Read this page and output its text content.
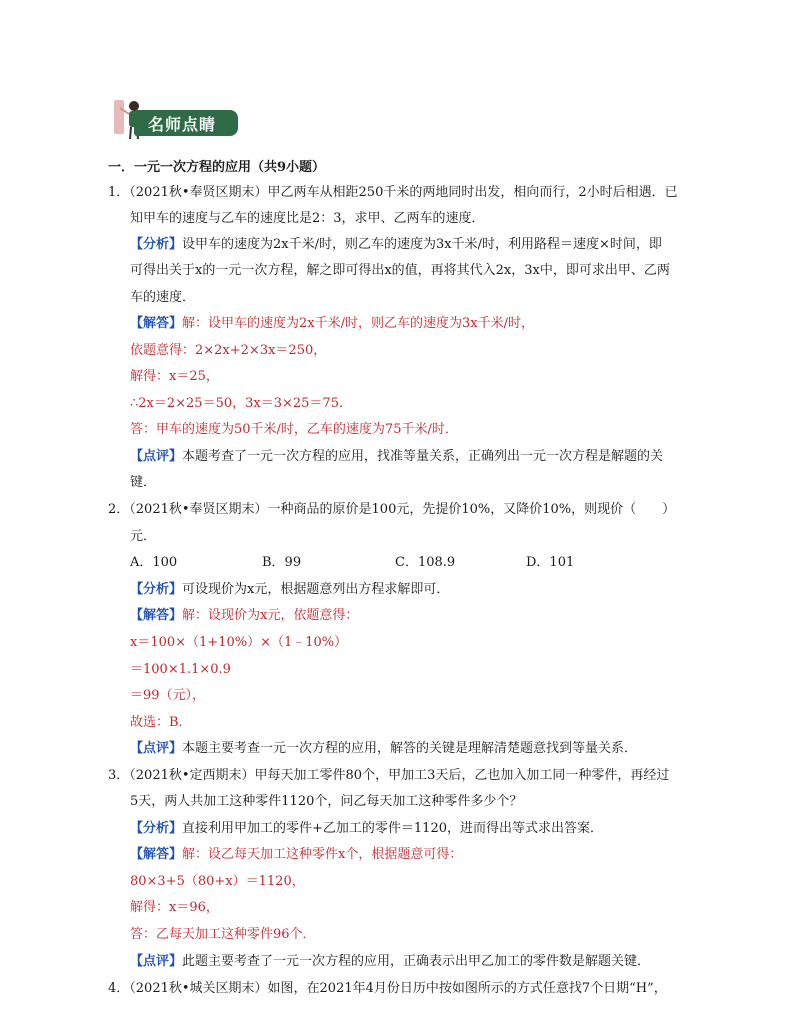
名师点睛
一．一元一次方程的应用（共9小题）
1．（2021秋•奉贤区期末）甲乙两车从相距250千米的两地同时出发，相向而行，2小时后相遇．已
知甲车的速度与乙车的速度比是2：3，求甲、乙两车的速度．
【分析】设甲车的速度为2x千米/时，则乙车的速度为3x千米/时，利用路程＝速度×时间，即
可得出关于x的一元一次方程，解之即可得出x的值，再将其代入2x，3x中，即可求出甲、乙两
车的速度．
【解答】解：设甲车的速度为2x千米/时，则乙车的速度为3x千米/时，
依题意得：2×2x+2×3x＝250，
解得：x＝25，
∴2x＝2×25＝50，3x＝3×25＝75．
答：甲车的速度为50千米/时，乙车的速度为75千米/时．
【点评】本题考查了一元一次方程的应用，找准等量关系，正确列出一元一次方程是解题的关
键．
2．（2021秋•奉贤区期末）一种商品的原价是100元，先提价10%，又降价10%，则现价（　　）
元．
A．100	B．99	C．108.9	D．101
【分析】可设现价为x元，根据题意列出方程求解即可．
【解答】解：设现价为x元，依题意得：
x＝100×（1+10%）×（1﹣10%）
＝100×1.1×0.9
＝99（元），
故选：B．
【点评】本题主要考查一元一次方程的应用，解答的关键是理解清楚题意找到等量关系．
3．（2021秋•定西期末）甲每天加工零件80个，甲加工3天后，乙也加入加工同一种零件，再经过
5天，两人共加工这种零件1120个，问乙每天加工这种零件多少个？
【分析】直接利用甲加工的零件+乙加工的零件＝1120，进而得出等式求出答案．
【解答】解：设乙每天加工这种零件x个，根据题意可得：
80×3+5（80+x）＝1120，
解得：x＝96，
答：乙每天加工这种零件96个．
【点评】此题主要考查了一元一次方程的应用，正确表示出甲乙加工的零件数是解题关键．
4．（2021秋•城关区期末）如图，在2021年4月份日历中按如图所示的方式任意找7个日期“H”，
